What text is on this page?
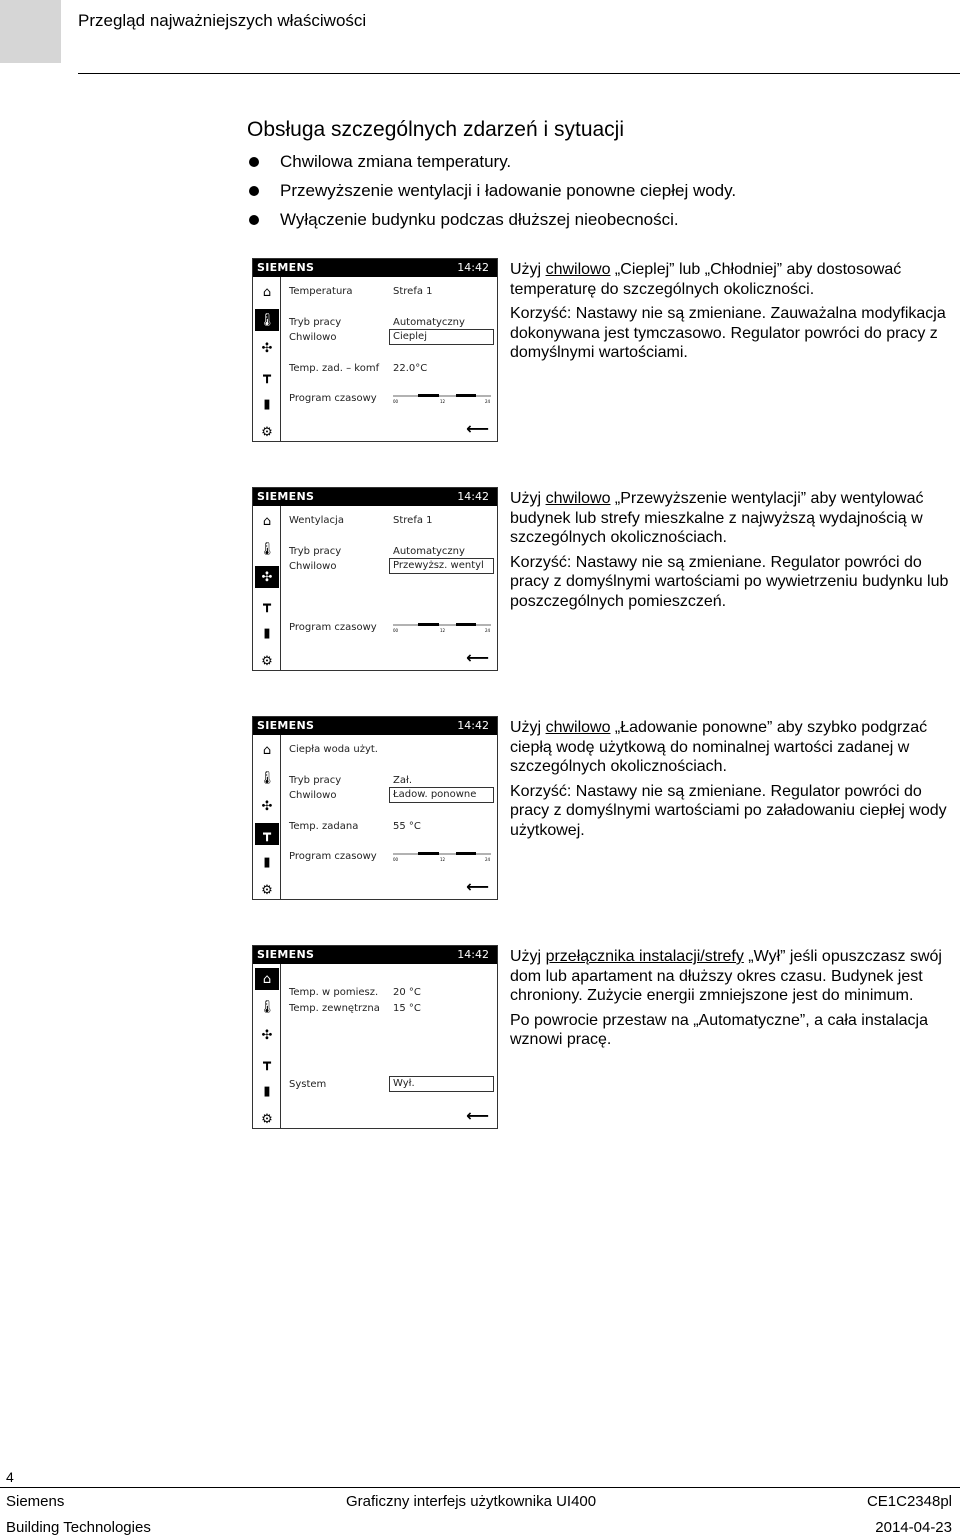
Przegląd najważniejszych właściwości
Obsługa szczególnych zdarzeń i sytuacji
Chwilowa zmiana temperatury.
Przewyższenie wentylacji i ładowanie ponowne ciepłej wody.
Wyłączenie budynku podczas dłuższej nieobecności.
SIEMENS	14:42
⌂
🌡︎
✣
┳
▮
⚙
Temperatura	Strefa 1
Tryb pracy	Automatyczny
Chwilowo	Cieplej
Temp. zad. – komf 22.0°C
Program czasowy	00	12	24
⟵

Użyj chwilowo „Cieplej” lub „Chłodniej” aby dostosować temperaturę do szczególnych okoliczności.

Korzyść: Nastawy nie są zmieniane. Zauważalna modyfikacja dokonywana jest tymczasowo. Regulator powróci do pracy z domyślnymi wartościami.

SIEMENS	14:42
⌂
🌡︎
✣
┳
▮
⚙
Wentylacja	Strefa 1
Tryb pracy	Automatyczny
Chwilowo	Przewyższ. wentyl
Program czasowy	00	12	24
⟵

Użyj chwilowo „Przewyższenie wentylacji” aby wentylować budynek lub strefy mieszkalne z najwyższą wydajnością w szczególnych okolicznościach.

Korzyść: Nastawy nie są zmieniane. Regulator powróci do pracy z domyślnymi wartościami po wywietrzeniu budynku lub poszczególnych pomieszczeń.

SIEMENS	14:42
⌂
🌡︎
✣
┳
▮
⚙
Ciepła woda użyt.
Tryb pracy	Zał.
Chwilowo	Ładow. ponowne
Temp. zadana	55 °C
Program czasowy	00	12	24
⟵

Użyj chwilowo „Ładowanie ponowne” aby szybko podgrzać ciepłą wodę użytkową do nominalnej wartości zadanej w szczególnych okolicznościach.

Korzyść: Nastawy nie są zmieniane. Regulator powróci do pracy z domyślnymi wartościami po załadowaniu ciepłej wody użytkowej.

SIEMENS	14:42
⌂
🌡︎
✣
┳
▮
⚙
Temp. w pomiesz. 20 °C
Temp. zewnętrzna 15 °C
System	Wył.
⟵

Użyj przełącznika instalacji/strefy „Wył” jeśli opuszczasz swój dom lub apartament na dłuższy okres czasu. Budynek jest chroniony. Zużycie energii zmniejszone jest do minimum.

Po powrocie przestaw na „Automatyczne”, a cała instalacja wznowi pracę.

4
Siemens
Building Technologies
Graficzny interfejs użytkownika UI400	CE1C2348pl
2014-04-23
